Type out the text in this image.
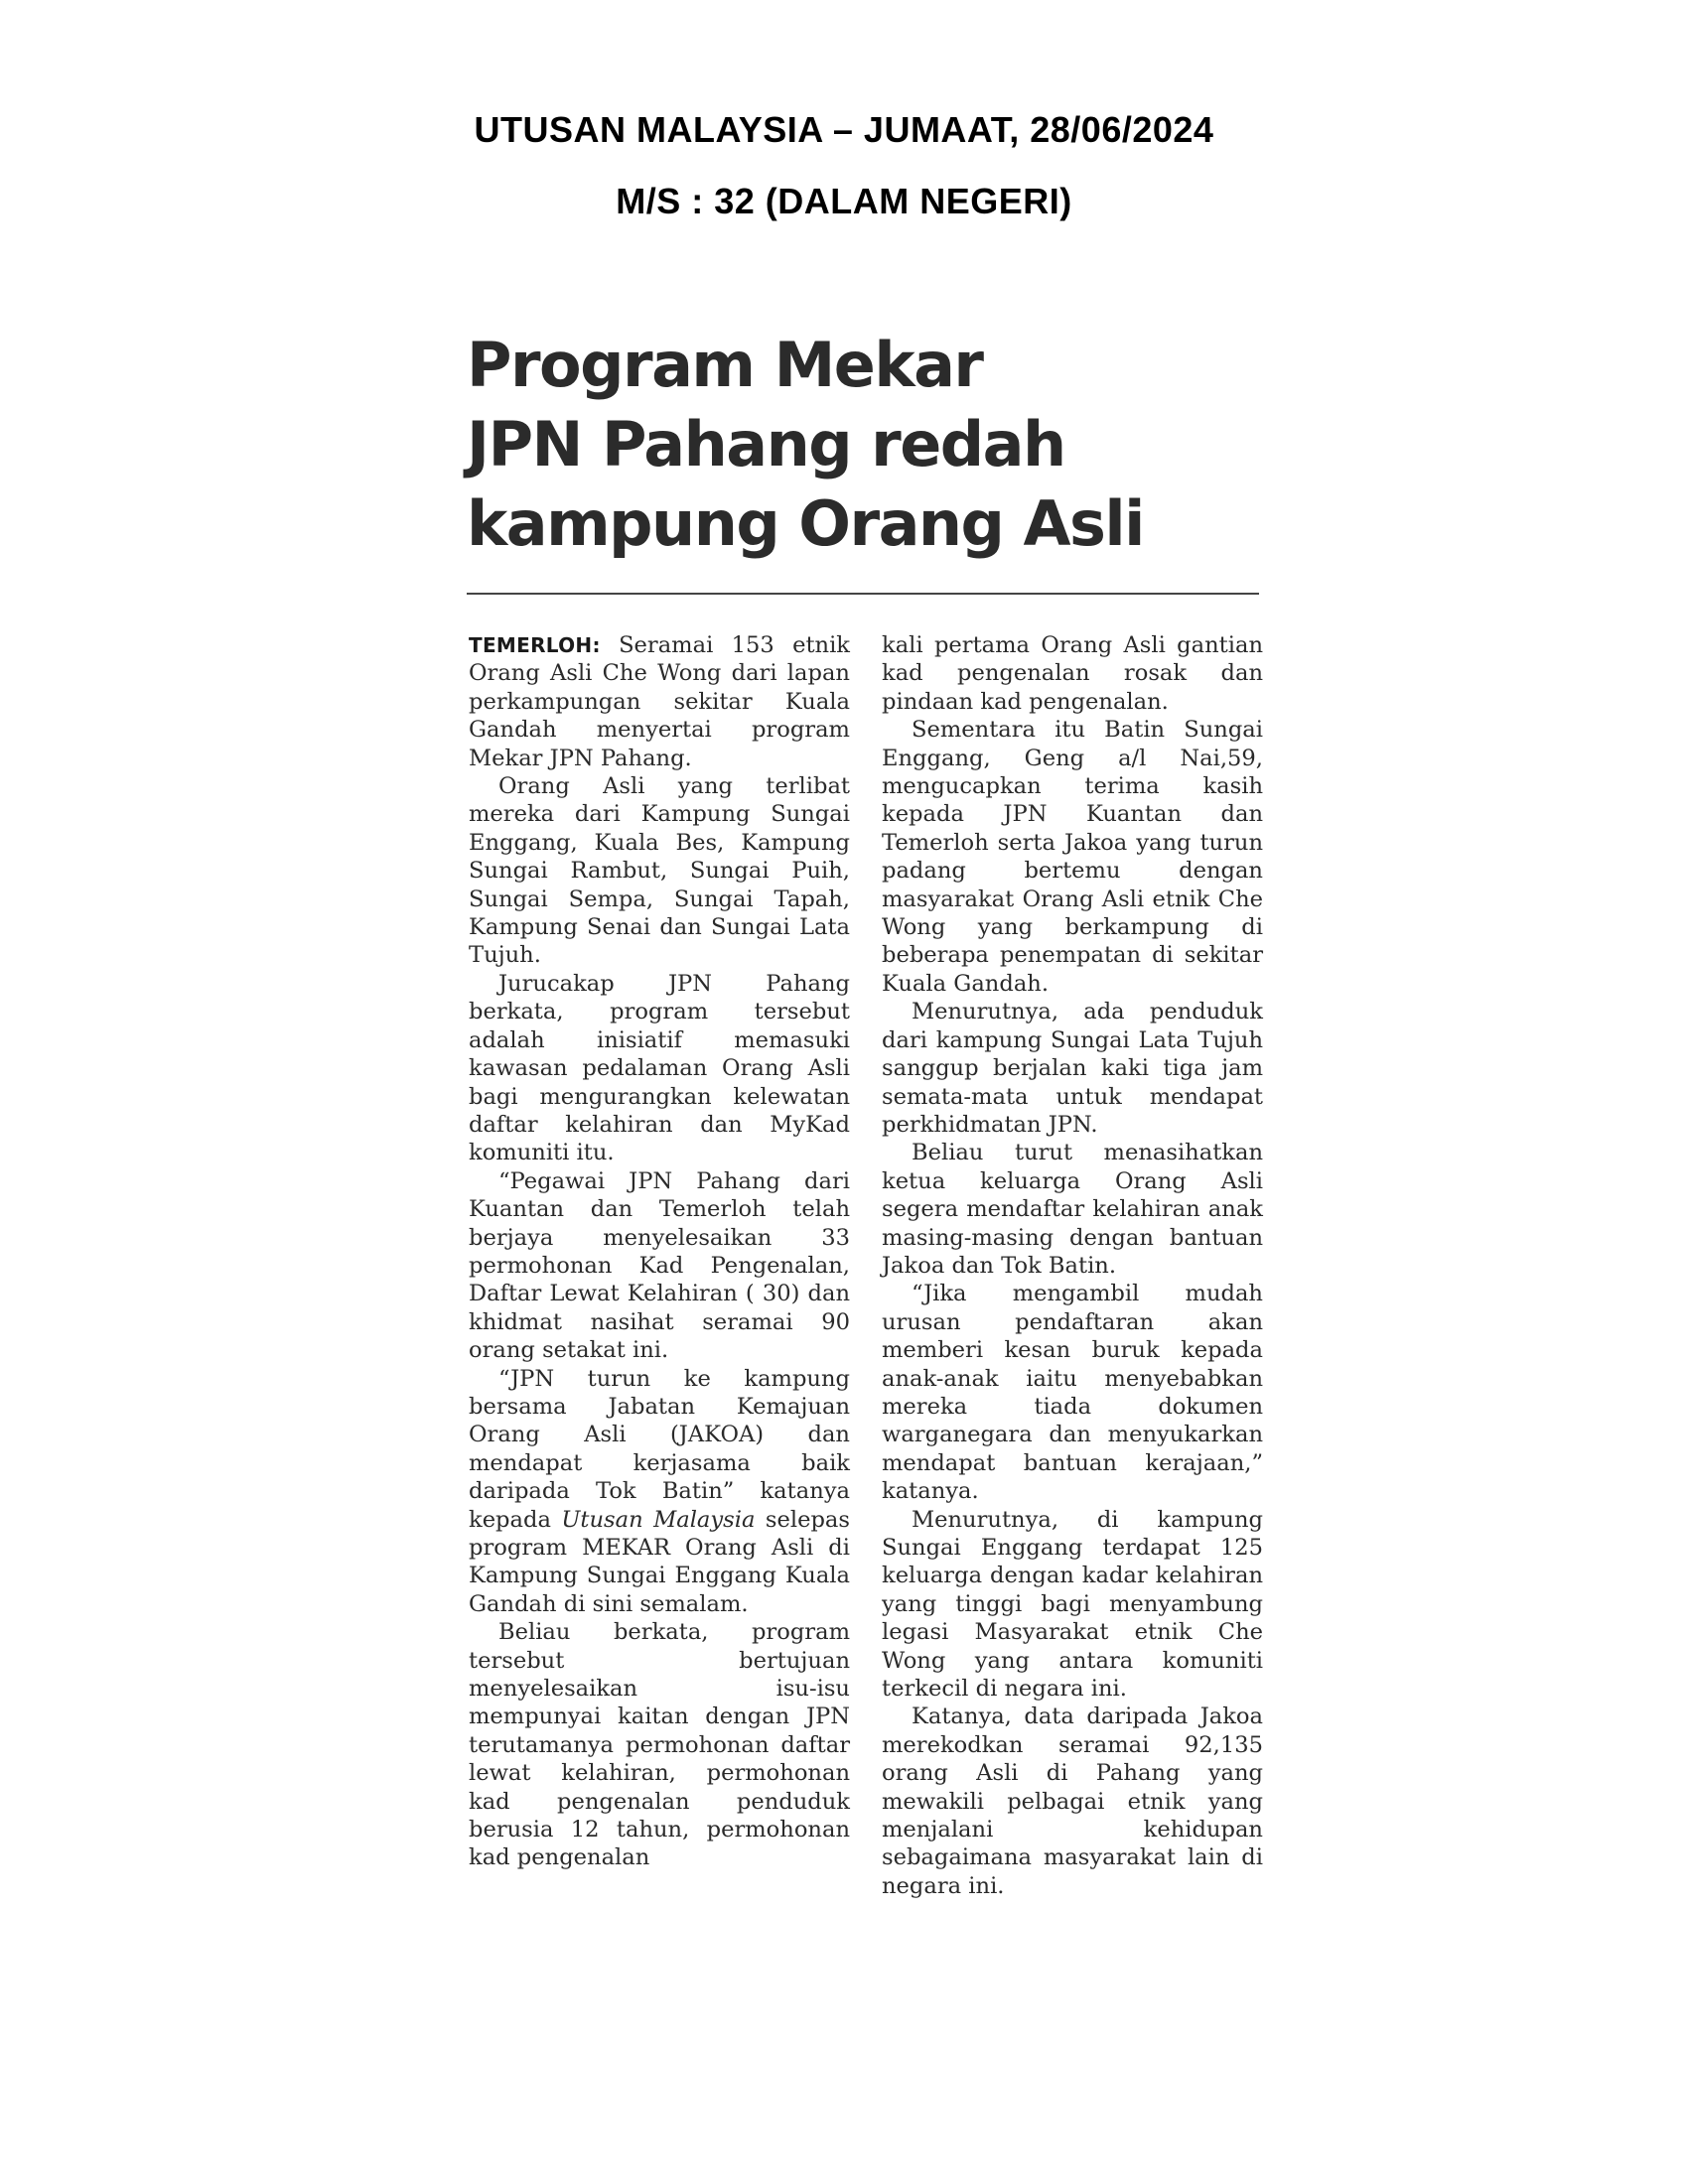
UTUSAN MALAYSIA – JUMAAT, 28/06/2024
M/S : 32 (DALAM NEGERI)
Program Mekar
JPN Pahang redah
kampung Orang Asli

TEMERLOH: Seramai 153 etnik Orang Asli Che Wong dari lapan perkampungan sekitar Kuala Gandah menyertai program Mekar JPN Pahang.

Orang Asli yang terlibat mereka dari Kampung Sungai Enggang, Kuala Bes, Kampung Sungai Rambut, Sungai Puih, Sungai Sempa, Sungai Tapah, Kampung Senai dan Sungai Lata Tujuh.

Jurucakap JPN Pahang berkata, program tersebut adalah inisiatif memasuki kawasan pedalaman Orang Asli bagi mengurangkan kelewatan daftar kelahiran dan MyKad komuniti itu.

“Pegawai JPN Pahang dari Kuantan dan Temerloh telah berjaya menyelesaikan 33 permohonan Kad Pengenalan, Daftar Lewat Kelahiran ( 30) dan khidmat nasihat seramai 90 orang setakat ini.

“JPN turun ke kampung bersama Jabatan Kemajuan Orang Asli (JAKOA) dan mendapat kerjasama baik daripada Tok Batin” katanya kepada Utusan Malaysia selepas program MEKAR Orang Asli di Kampung Sungai Enggang Kuala Gandah di sini semalam.

Beliau berkata, program tersebut bertujuan menyelesaikan isu-isu mempunyai kaitan dengan JPN terutamanya permohonan daftar lewat kelahiran, permohonan kad pengenalan penduduk berusia 12 tahun, permohonan kad pengenalan

kali pertama Orang Asli gantian kad pengenalan rosak dan pindaan kad pengenalan.

Sementara itu Batin Sungai Enggang, Geng a/l Nai,59, mengucapkan terima kasih kepada JPN Kuantan dan Temerloh serta Jakoa yang turun padang bertemu dengan masyarakat Orang Asli etnik Che Wong yang berkampung di beberapa penempatan di sekitar Kuala Gandah.

Menurutnya, ada penduduk dari kampung Sungai Lata Tujuh sanggup berjalan kaki tiga jam semata-mata untuk mendapat perkhidmatan JPN.

Beliau turut menasihatkan ketua keluarga Orang Asli segera mendaftar kelahiran anak masing-masing dengan bantuan Jakoa dan Tok Batin.

“Jika mengambil mudah urusan pendaftaran akan memberi kesan buruk kepada anak-anak iaitu menyebabkan mereka tiada dokumen warganegara dan menyukarkan mendapat bantuan kerajaan,” katanya.

Menurutnya, di kampung Sungai Enggang terdapat 125 keluarga dengan kadar kelahiran yang tinggi bagi menyambung legasi Masyarakat etnik Che Wong yang antara komuniti terkecil di negara ini.

Katanya, data daripada Jakoa merekodkan seramai 92,135 orang Asli di Pahang yang mewakili pelbagai etnik yang menjalani kehidupan sebagaimana masyarakat lain di negara ini.
